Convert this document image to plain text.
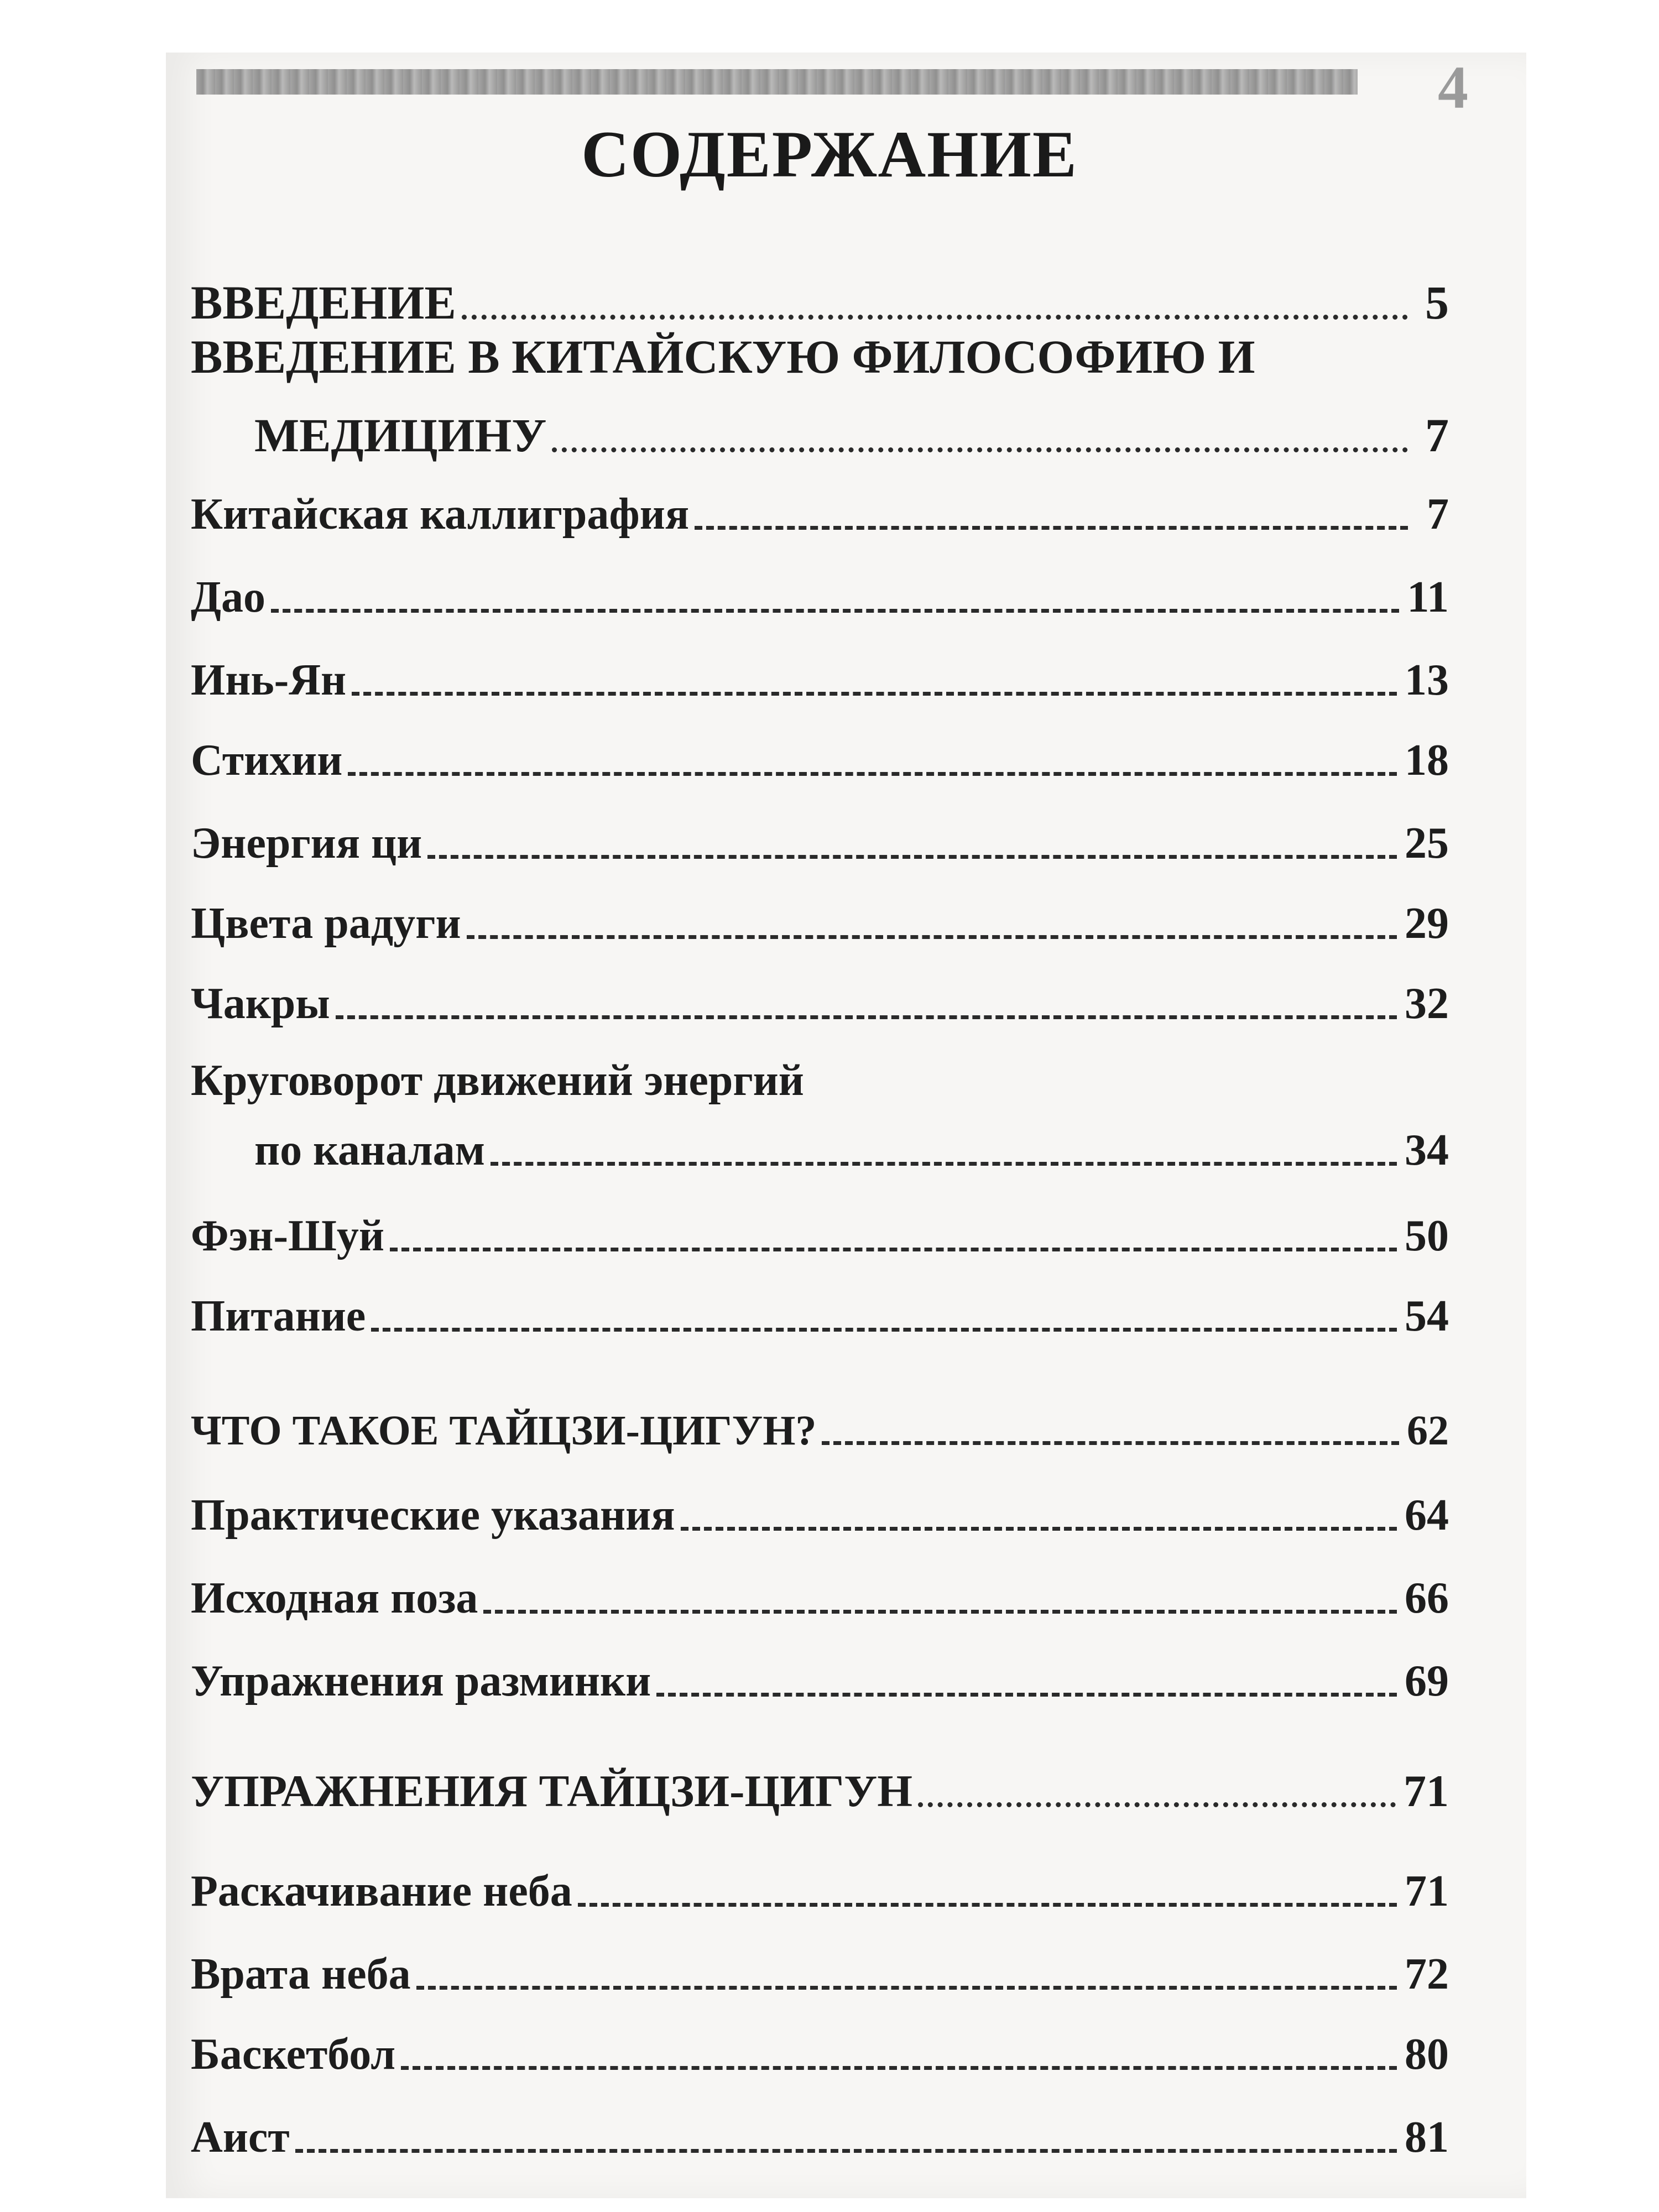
4
СОДЕРЖАНИЕ
ВВЕДЕНИЕ	5
ВВЕДЕНИЕ В КИТАЙСКУЮ ФИЛОСОФИЮ И
МЕДИЦИНУ	7
Китайская каллиграфия	7
Дао	11
Инь-Ян	13
Стихии	18
Энергия ци	25
Цвета радуги	29
Чакры	32
Круговорот движений энергий
по каналам	34
Фэн-Шуй	50
Питание	54
ЧТО ТАКОЕ ТАЙЦЗИ-ЦИГУН?	62
Практические указания	64
Исходная поза	66
Упражнения разминки	69
УПРАЖНЕНИЯ ТАЙЦЗИ-ЦИГУН	71
Раскачивание неба	71
Врата неба	72
Баскетбол	80
Аист	81
